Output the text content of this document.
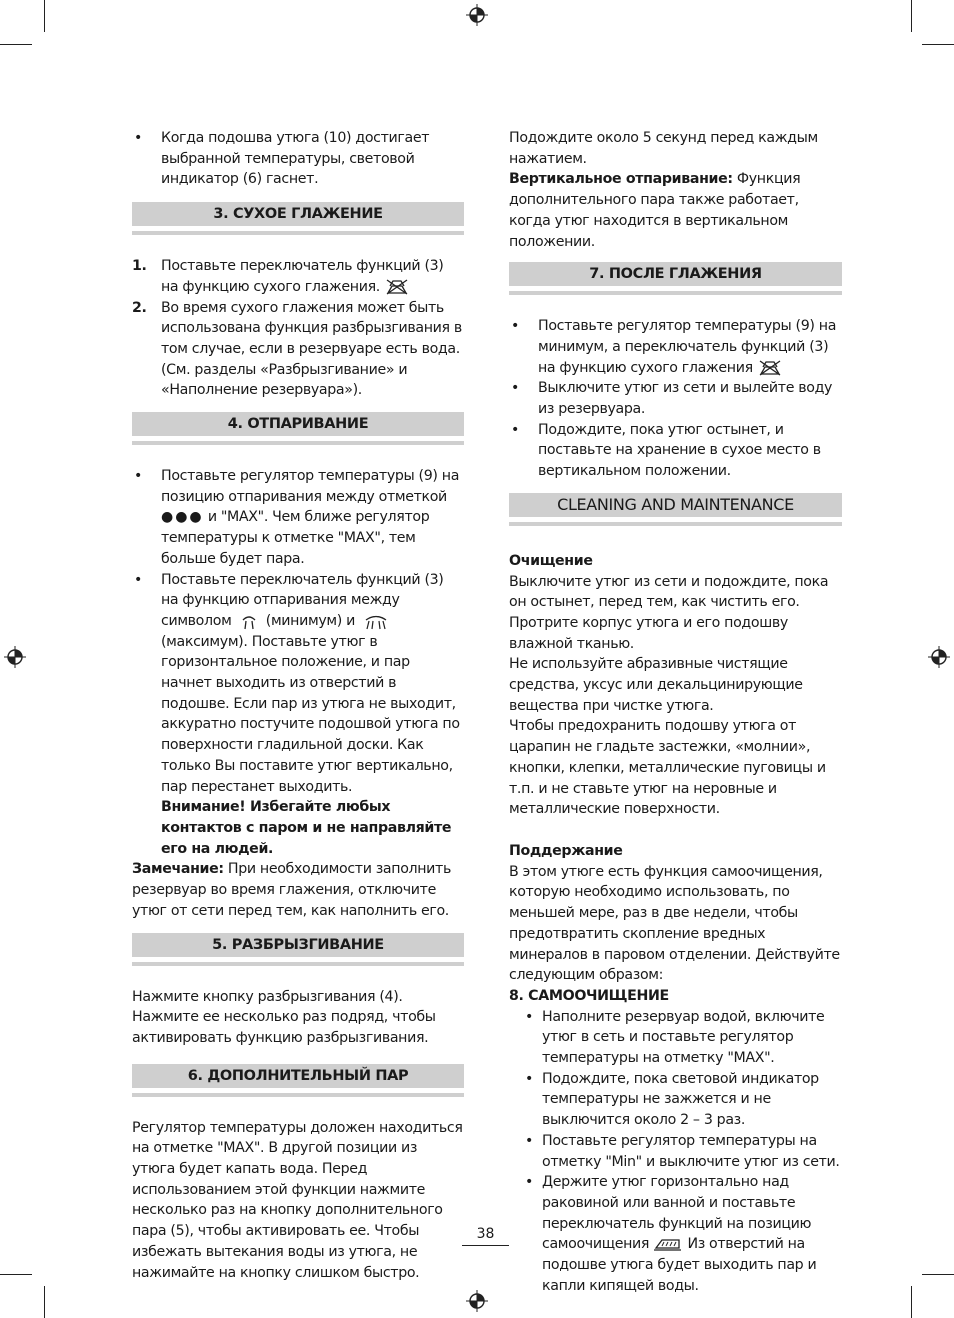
• Когда подошва утюга (10) достигает выбранной температуры, световой индикатор (6) гаснет.
3. СУХОЕ ГЛАЖЕНИЕ
1. Поставьте переключатель функций (3) на функцию сухого глажения.
2. Во время сухого глажения может быть использована функция разбрызгивания в том случае, если в резервуаре есть вода. (См. разделы «Разбрызгивание» и «Наполнение резервуара»).
4. ОТПАРИВАНИЕ
• Поставьте регулятор температуры (9) на позицию отпаривания между отметкой ●●● и "MAX". Чем ближе регулятор температуры к отметке "MAX", тем больше будет пара.
• Поставьте переключатель функций (3) на функцию отпаривания между символом (минимум) и  (максимум). Поставьте утюг в горизонтальное положение, и пар начнет выходить из отверстий в подошве. Если пар из утюга не выходит, аккуратно постучите подошвой утюга по поверхности гладильной доски. Как только Вы поставите утюг вертикально, пар перестанет выходить.

Внимание! Избегайте любых контактов с паром и не направляйте его на людей.

Замечание: При необходимости заполнить резервуар во время глажения, отключите утюг от сети перед тем, как наполнить его.

5. РАЗБРЫЗГИВАНИЕ

Нажмите кнопку разбрызгивания (4). Нажмите ее несколько раз подряд, чтобы активировать функцию разбрызгивания.

6. ДОПОЛНИТЕЛЬНЫЙ ПАР

Регулятор температуры доложен находиться на отметке "MAX". В другой позиции из утюга будет капать вода. Перед использованием этой функции нажмите несколько раз на кнопку дополнительного пара (5), чтобы активировать ее. Чтобы избежать вытекания воды из утюга, не нажимайте на кнопку слишком быстро.

Подождите около 5 секунд перед каждым нажатием.

Вертикальное отпаривание: Функция дополнительного пара также работает, когда утюг находится в вертикальном положении.

7. ПОСЛЕ ГЛАЖЕНИЯ
• Поставьте регулятор температуры (9) на минимум, а переключатель функций (3) на функцию сухого глажения
• Выключите утюг из сети и вылейте воду из резервуара.
• Подождите, пока утюг остынет, и поставьте на хранение в сухое место в вертикальном положении.
CLEANING AND MAINTENANCE

Очищение

Выключите утюг из сети и подождите, пока он остынет, перед тем, как чистить его.

Протрите корпус утюга и его подошву влажной тканью.

Не используйте абразивные чистящие средства, уксус или декальцинирующие вещества при чистке утюга.

Чтобы предохранить подошву утюга от царапин не гладьте застежки, «молнии», кнопки, клепки, металлические пуговицы и т.п. и не ставьте утюг на неровные и металлические поверхности.

Поддержание

В этом утюге есть функция самоочищения, которую необходимо использовать, по меньшей мере, раз в две недели, чтобы предотвратить скопление вредных минералов в паровом отделении. Действуйте следующим образом:

8. САМООЧИЩЕНИЕ

• Наполните резервуар водой, включите утюг в сеть и поставьте регулятор температуры на отметку "MAX".
• Подождите, пока световой индикатор температуры не зажжется и не выключится около 2 – 3 раз.
• Поставьте регулятор температуры на отметку "Min" и выключите утюг из сети.
• Держите утюг горизонтально над раковиной или ванной и поставьте переключатель функций на позицию самоочищения	Из отверстий на подошве утюга будет выходить пар и капли кипящей воды.
38
